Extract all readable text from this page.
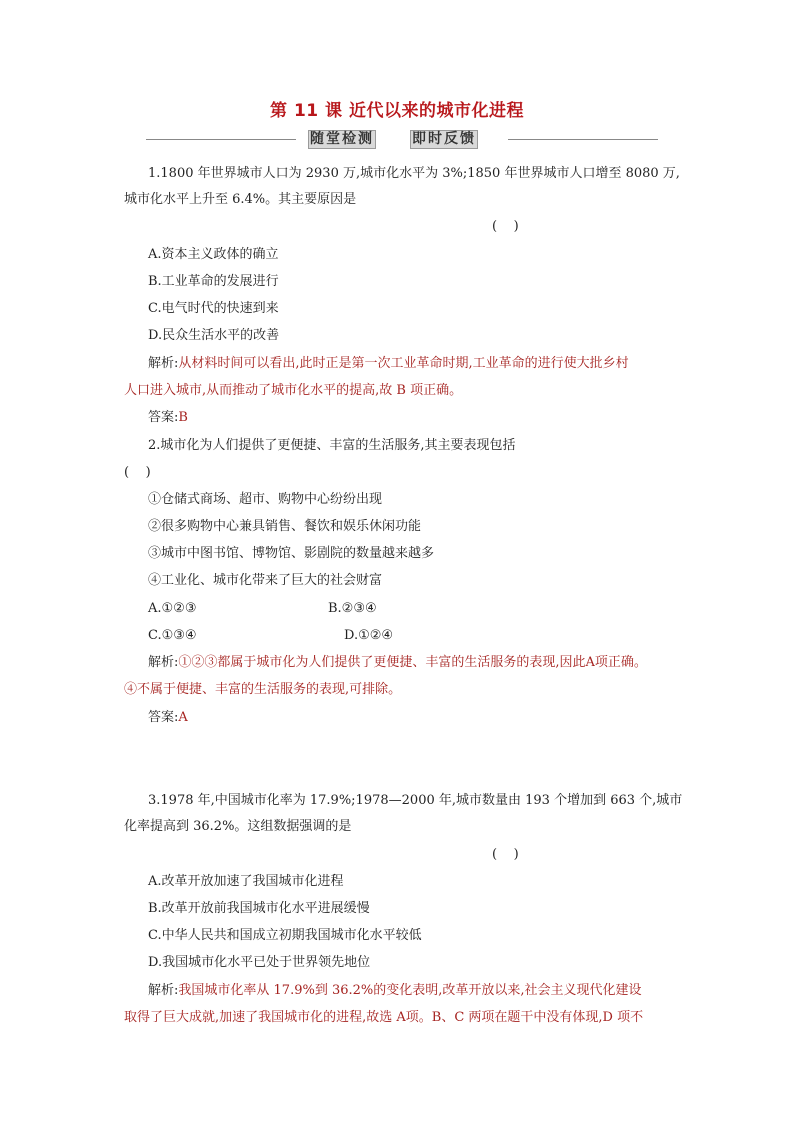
第 11 课 近代以来的城市化进程
随堂检测	即时反馈
1.1800 年世界城市人口为 2930 万,城市化水平为 3%;1850 年世界城市人口增至 8080 万,
城市化水平上升至 6.4%。其主要原因是
(    )
A.资本主义政体的确立
B.工业革命的发展进行
C.电气时代的快速到来
D.民众生活水平的改善
解析:从材料时间可以看出,此时正是第一次工业革命时期,工业革命的进行使大批乡村
人口进入城市,从而推动了城市化水平的提高,故 B 项正确。
答案:B
2.城市化为人们提供了更便捷、丰富的生活服务,其主要表现包括
(    )
①仓储式商场、超市、购物中心纷纷出现
②很多购物中心兼具销售、餐饮和娱乐休闲功能
③城市中图书馆、博物馆、影剧院的数量越来越多
④工业化、城市化带来了巨大的社会财富
A.①②③	B.②③④
C.①③④	D.①②④
解析:①②③都属于城市化为人们提供了更便捷、丰富的生活服务的表现,因此A项正确。
④不属于便捷、丰富的生活服务的表现,可排除。
答案:A
3.1978 年,中国城市化率为 17.9%;1978—2000 年,城市数量由 193 个增加到 663 个,城市
化率提高到 36.2%。这组数据强调的是
(    )
A.改革开放加速了我国城市化进程
B.改革开放前我国城市化水平进展缓慢
C.中华人民共和国成立初期我国城市化水平较低
D.我国城市化水平已处于世界领先地位
解析:我国城市化率从 17.9%到 36.2%的变化表明,改革开放以来,社会主义现代化建设
取得了巨大成就,加速了我国城市化的进程,故选 A项。B、C 两项在题干中没有体现,D 项不
